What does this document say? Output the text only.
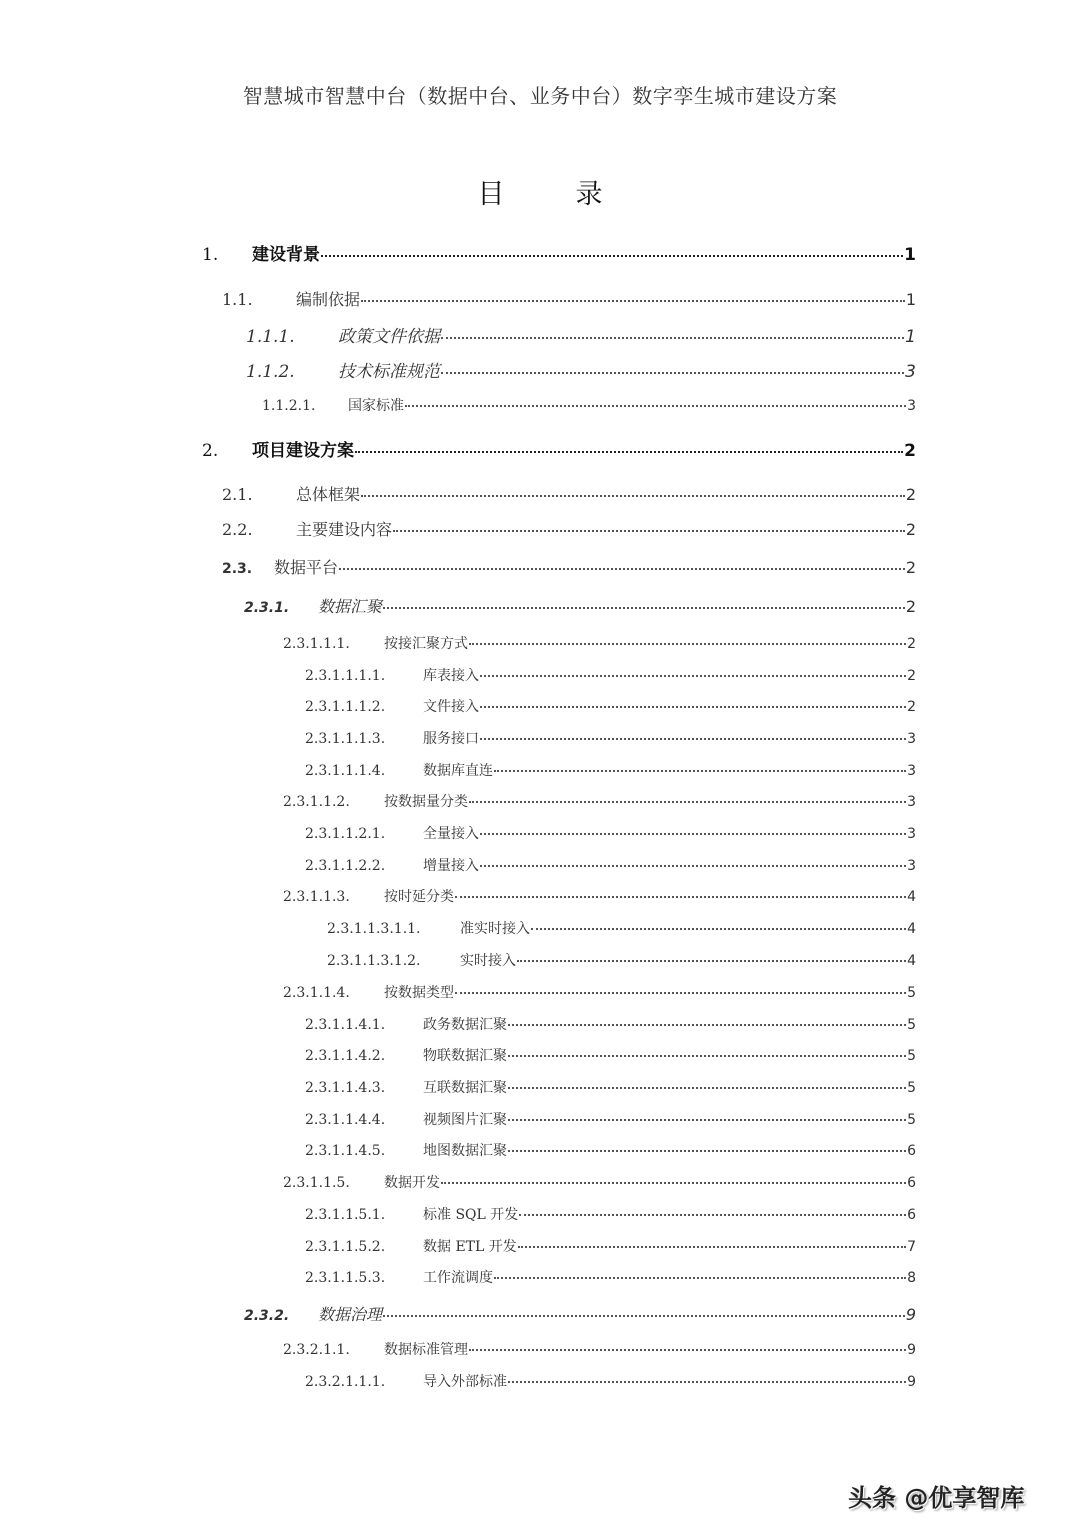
智慧城市智慧中台（数据中台、业务中台）数字孪生城市建设方案
目　录
1.	建设背景	1
1.1.	编制依据	1
1.1.1.	政策文件依据	1
1.1.2.	技术标准规范	3
1.1.2.1.	国家标准	3
2.	项目建设方案	2
2.1.	总体框架	2
2.2.	主要建设内容	2
2.3.	数据平台	2
2.3.1.	数据汇聚	2
2.3.1.1.1.	按接汇聚方式	2
2.3.1.1.1.1.	库表接入	2
2.3.1.1.1.2.	文件接入	2
2.3.1.1.1.3.	服务接口	3
2.3.1.1.1.4.	数据库直连	3
2.3.1.1.2.	按数据量分类	3
2.3.1.1.2.1.	全量接入	3
2.3.1.1.2.2.	增量接入	3
2.3.1.1.3.	按时延分类	4
2.3.1.1.3.1.1.	准实时接入	4
2.3.1.1.3.1.2.	实时接入	4
2.3.1.1.4.	按数据类型	5
2.3.1.1.4.1.	政务数据汇聚	5
2.3.1.1.4.2.	物联数据汇聚	5
2.3.1.1.4.3.	互联数据汇聚	5
2.3.1.1.4.4.	视频图片汇聚	5
2.3.1.1.4.5.	地图数据汇聚	6
2.3.1.1.5.	数据开发	6
2.3.1.1.5.1.	标准 SQL 开发	6
2.3.1.1.5.2.	数据 ETL 开发	7
2.3.1.1.5.3.	工作流调度	8
2.3.2.	数据治理	9
2.3.2.1.1.	数据标准管理	9
2.3.2.1.1.1.	导入外部标准	9
头条 @优享智库
